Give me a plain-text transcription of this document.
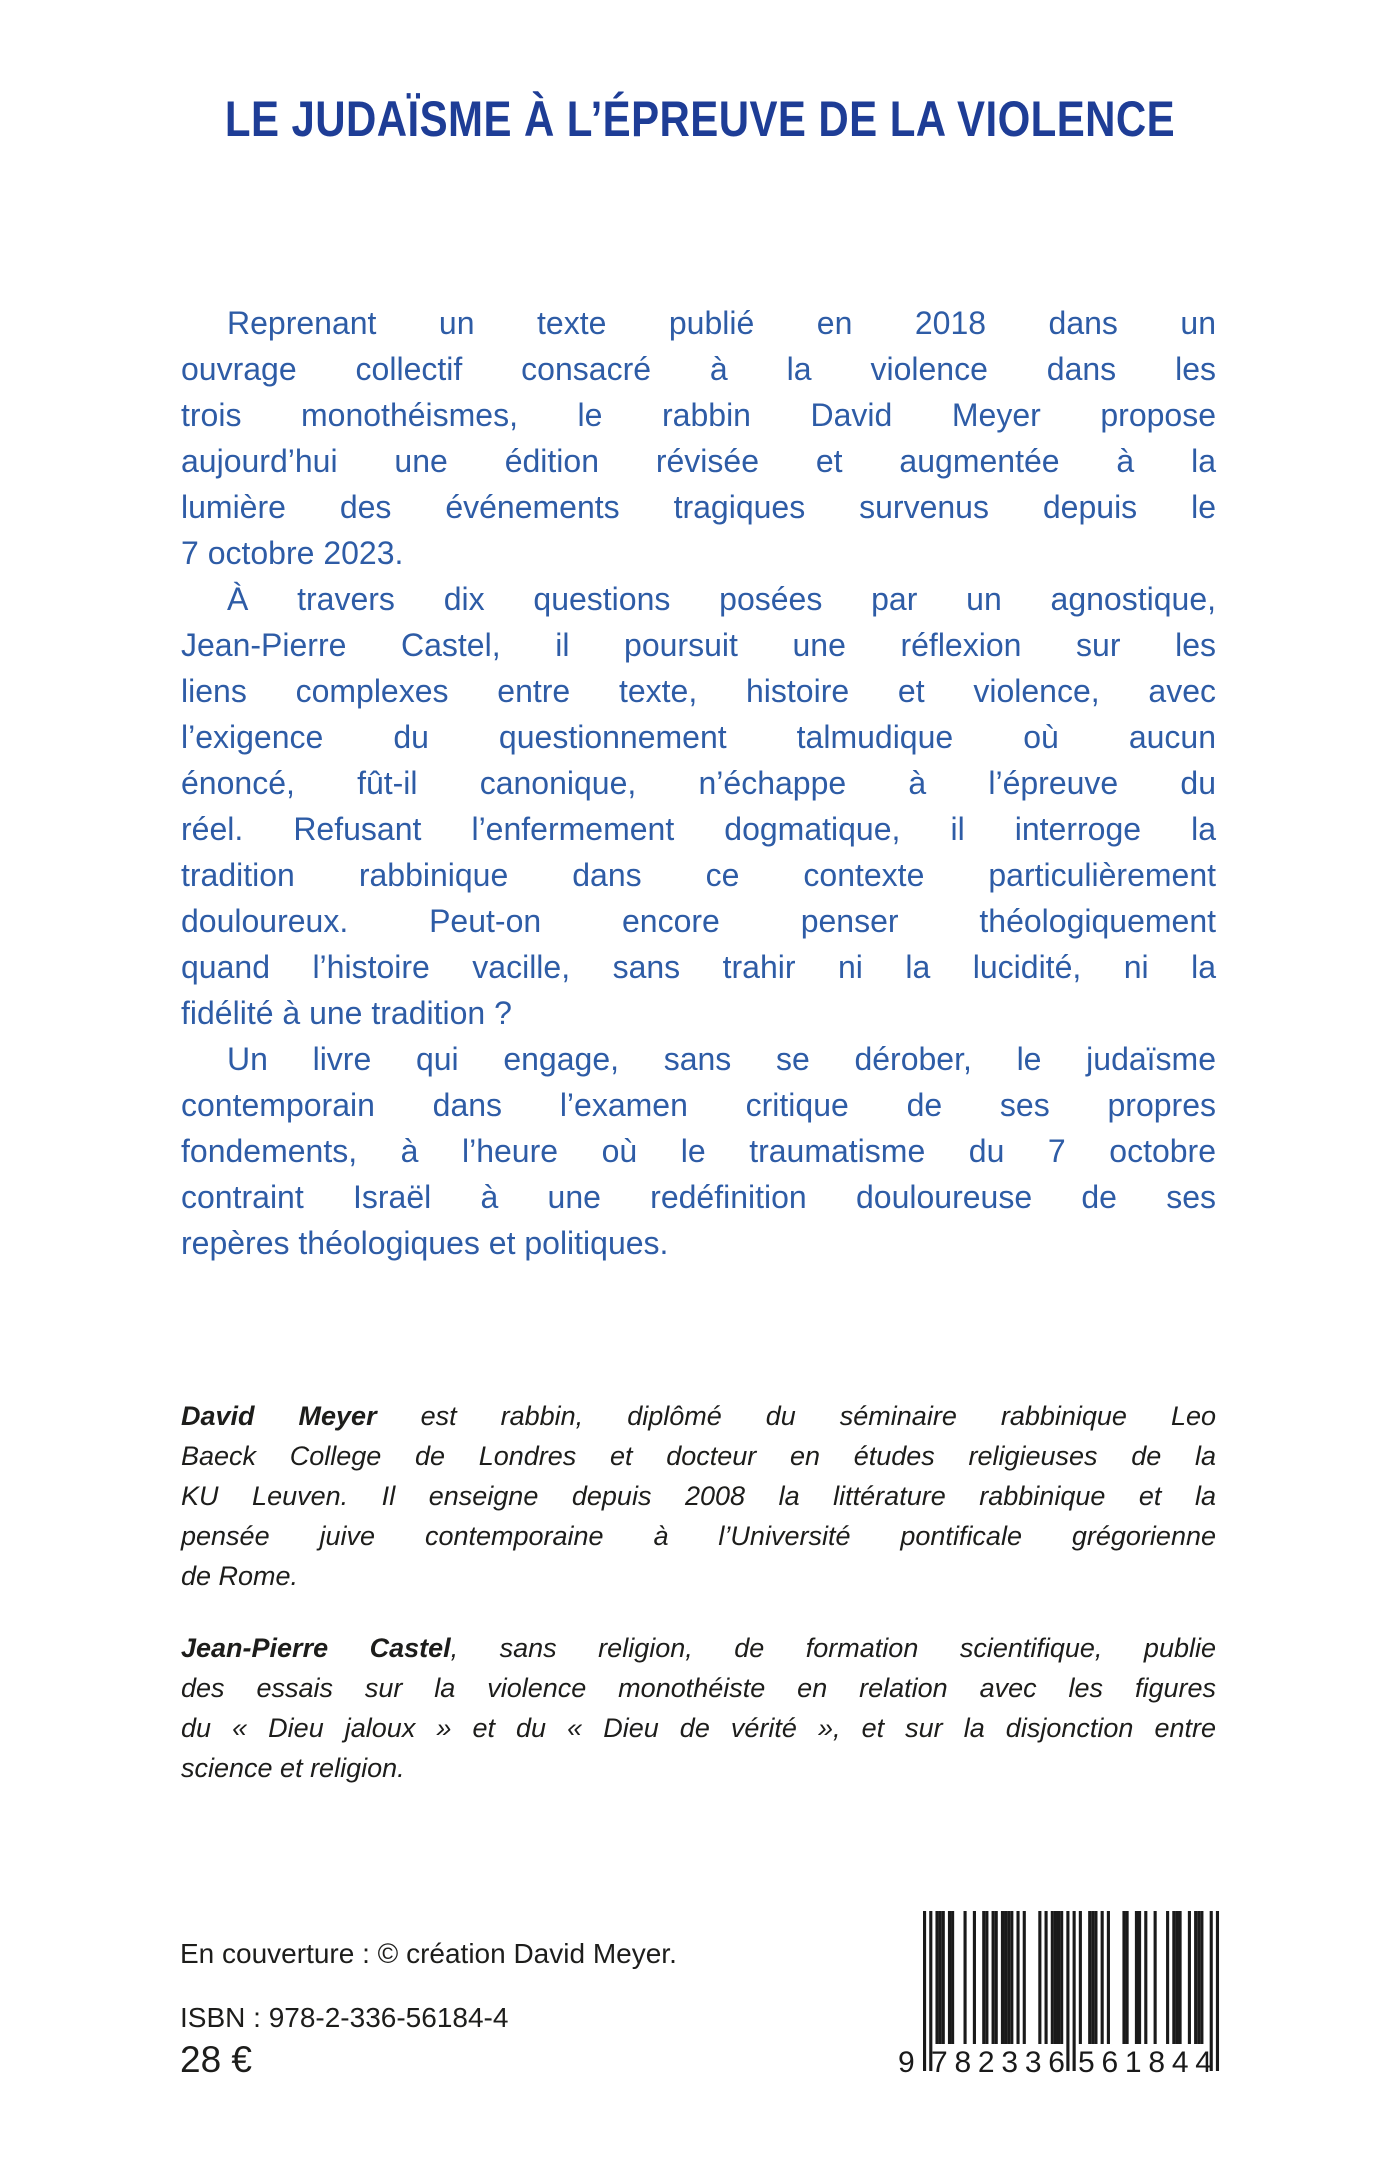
LE JUDAÏSME À L’ÉPREUVE DE LA VIOLENCE
Reprenant un texte publié en 2018 dans un
ouvrage collectif consacré à la violence dans les
trois monothéismes, le rabbin David Meyer propose
aujourd’hui une édition révisée et augmentée à la
lumière des événements tragiques survenus depuis le
7 octobre 2023.
À travers dix questions posées par un agnostique,
Jean-Pierre Castel, il poursuit une réflexion sur les
liens complexes entre texte, histoire et violence, avec
l’exigence du questionnement talmudique où aucun
énoncé, fût-il canonique, n’échappe à l’épreuve du
réel. Refusant l’enfermement dogmatique, il interroge la
tradition rabbinique dans ce contexte particulièrement
douloureux. Peut-on encore penser théologiquement
quand l’histoire vacille, sans trahir ni la lucidité, ni la
fidélité à une tradition ?
Un livre qui engage, sans se dérober, le judaïsme
contemporain dans l’examen critique de ses propres
fondements, à l’heure où le traumatisme du 7 octobre
contraint Israël à une redéfinition douloureuse de ses
repères théologiques et politiques.
David Meyer est rabbin, diplômé du séminaire rabbinique Leo
Baeck College de Londres et docteur en études religieuses de la
KU Leuven. Il enseigne depuis 2008 la littérature rabbinique et la
pensée juive contemporaine à l’Université pontificale grégorienne
de Rome.
Jean-Pierre Castel, sans religion, de formation scientifique, publie
des essais sur la violence monothéiste en relation avec les figures
du « Dieu jaloux » et du « Dieu de vérité », et sur la disjonction entre
science et religion.
En couverture : © création David Meyer.
ISBN : 978-2-336-56184-4
28 €	9 7 8 2 3 3 6 5 6 1 8 4 4
